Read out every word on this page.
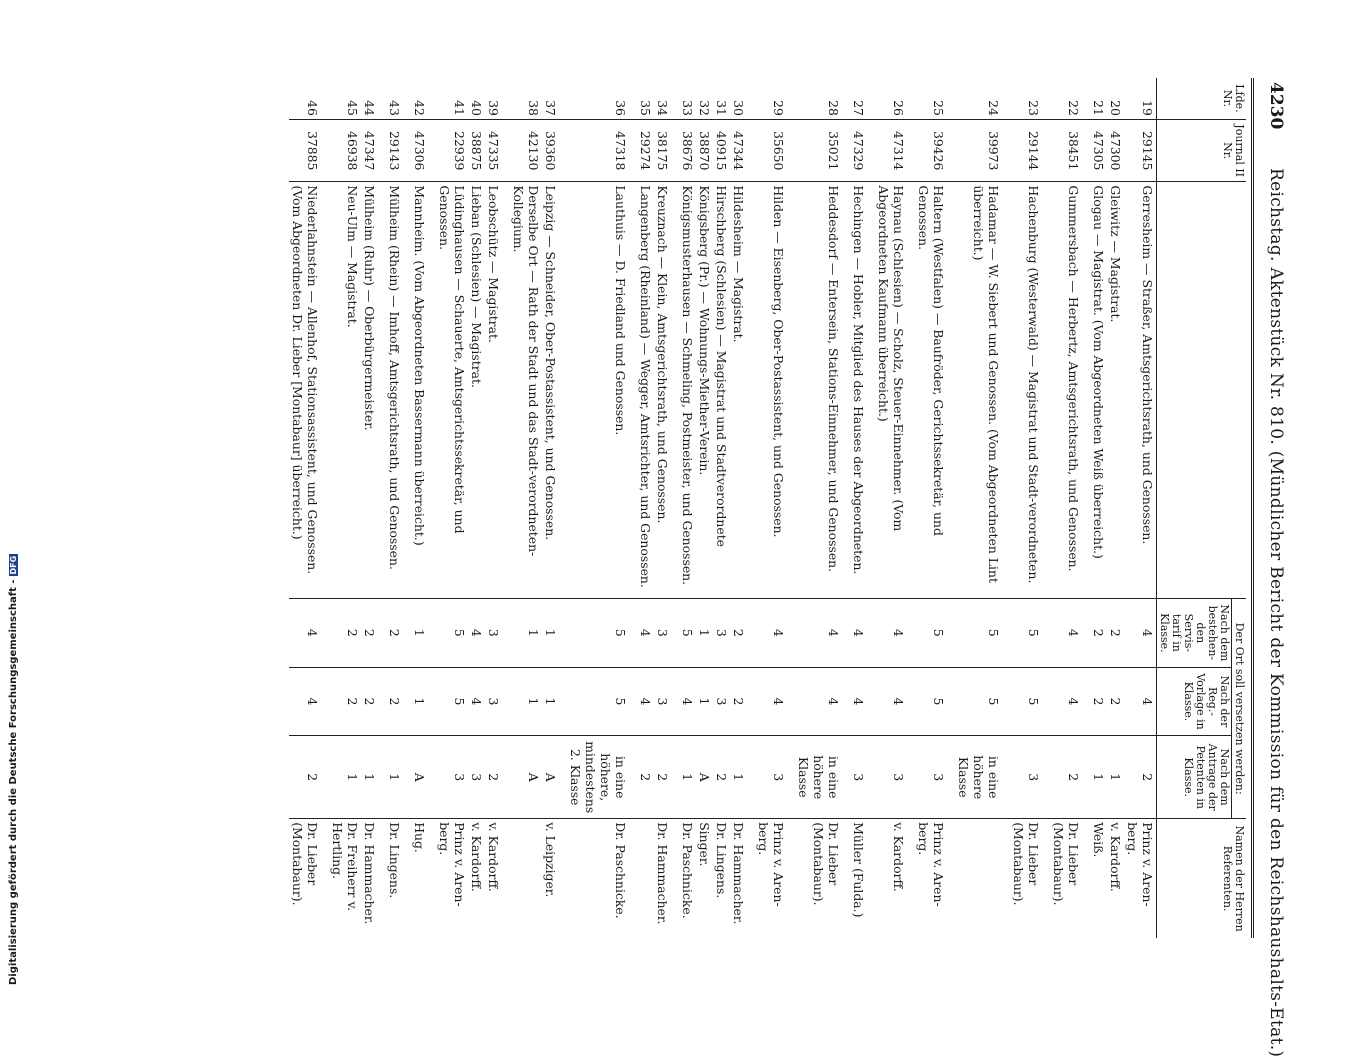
4230
Reichstag. Aktenstück Nr. 810. (Mündlicher Bericht der Kommission für den Reichshaushalts-Etat.)
Lfde. Nr.	Journal II Nr.		Der Ort soll versetzen werden:			Namen der Herren Referenten.
			Nach dem bestehen-den Servis-tarif in Klasse.	Nach der Reg.-Vorlage in Klasse.	Nach dem Antrage der Petenten in Klasse.	
19	29145	Gerresheim — Straßer, Amtsgerichtsrath, und Genossen.	4	4	2	Prinz v. Aren-berg.
20	47300	Gleiwitz — Magistrat.	2	2	1	v. Kardorff.
21	47305	Glogau — Magistrat. (Vom Abgeordneten Weiß überreicht.)	2	2	1	Weiß.
22	38451	Gummersbach — Herbertz, Amtsgerichtsrath, und Genossen.	4	4	2	Dr. Lieber (Montabaur).
23	29144	Hachenburg (Westerwald) — Magistrat und Stadt-verordneten.	5	5	3	Dr. Lieber (Montabaur).
24	39973	Hadamar — W. Siebert und Genossen. (Vom Abgeordneten Lint überreicht.)	5	5	in eine höhere Klasse	
25	39426	Haltern (Westfalen) — Baufröder, Gerichtssekretär, und Genossen.	5	5	3	Prinz v. Aren-berg.
26	47314	Haynau (Schlesien) — Scholz, Steuer-Einnehmer. (Vom Abgeordneten Kaufmann überreicht.)	4	4	3	v. Kardorff.
27	47329	Hechingen — Hobler, Mitglied des Hauses der Abgeordneten.	4	4	3	Müller (Fulda.)
28	35021	Heddesdorf — Entersein, Stations-Einnehmer, und Genossen.	4	4	in eine höhere Klasse	Dr. Lieber (Montabaur).
29	35650	Hilden — Eisenberg, Ober-Postassistent, und Genossen.	4	4	3	Prinz v. Aren-berg.
30	47344	Hildesheim — Magistrat.	2	2	1	Dr. Hammacher.
31	40915	Hirschberg (Schlesien) — Magistrat und Stadtverordnete	3	3	2	Dr. Lingens.
32	38870	Königsberg (Pr.) — Wohnungs-Miether-Verein.	1	1	A	Singer.
33	38676	Königsmusterhausen — Schmeling, Postmeister, und Genossen.	5	4	1	Dr. Paschnicke.
34	38175	Kreuznach — Klein, Amtsgerichtsrath, und Genossen.	3	3	2	Dr. Hammacher.
35	29274	Langenberg (Rheinland) — Wegger, Amtsrichter, und Genossen.	4	4	2	
36	47318	Lauthuis — D. Friedland und Genossen.	5	5	in eine höhere, mindestens 2. Klasse	Dr. Paschnicke.
37	39360	Leipzig — Schneider, Ober-Postassistent, und Genossen.	1	1	A	v. Leipziger.
38	42130	Derselbe Ort — Rath der Stadt und das Stadt-verordneten-Kollegium.	1	1	A	
39	47335	Leobschütz — Magistrat.	3	3	2	v. Kardorff.
40	38875	Lieban (Schlesien) — Magistrat.	4	4	3	v. Kardorff.
41	22939	Lüdinghausen — Schauerte, Amtsgerichtssekretär, und Genossen.	5	5	3	Prinz v. Aren-berg.
42	47306	Mannheim. (Vom Abgeordneten Bassermann überreicht.)	1	1	A	Hug.
43	29143	Mülheim (Rhein) — Imhoff, Amtsgerichtsrath, und Genossen.	2	2	1	Dr. Lingens.
44	47347	Mülheim (Ruhr) — Oberbürgermeister.	2	2	1	Dr. Hammacher.
45	46938	Neu-Ulm — Magistrat.	2	2	1	Dr. Freiherr v. Hertling.
46	37885	Niederlahnstein — Allenhof, Stationsassistent, und Genossen. (Vom Abgeordneten Dr. Lieber [Montabaur] überreicht.)	4	4	2	Dr. Lieber (Montabaur).
Digitalisierung gefördert durch die Deutsche Forschungsgemeinschaft -DFG
